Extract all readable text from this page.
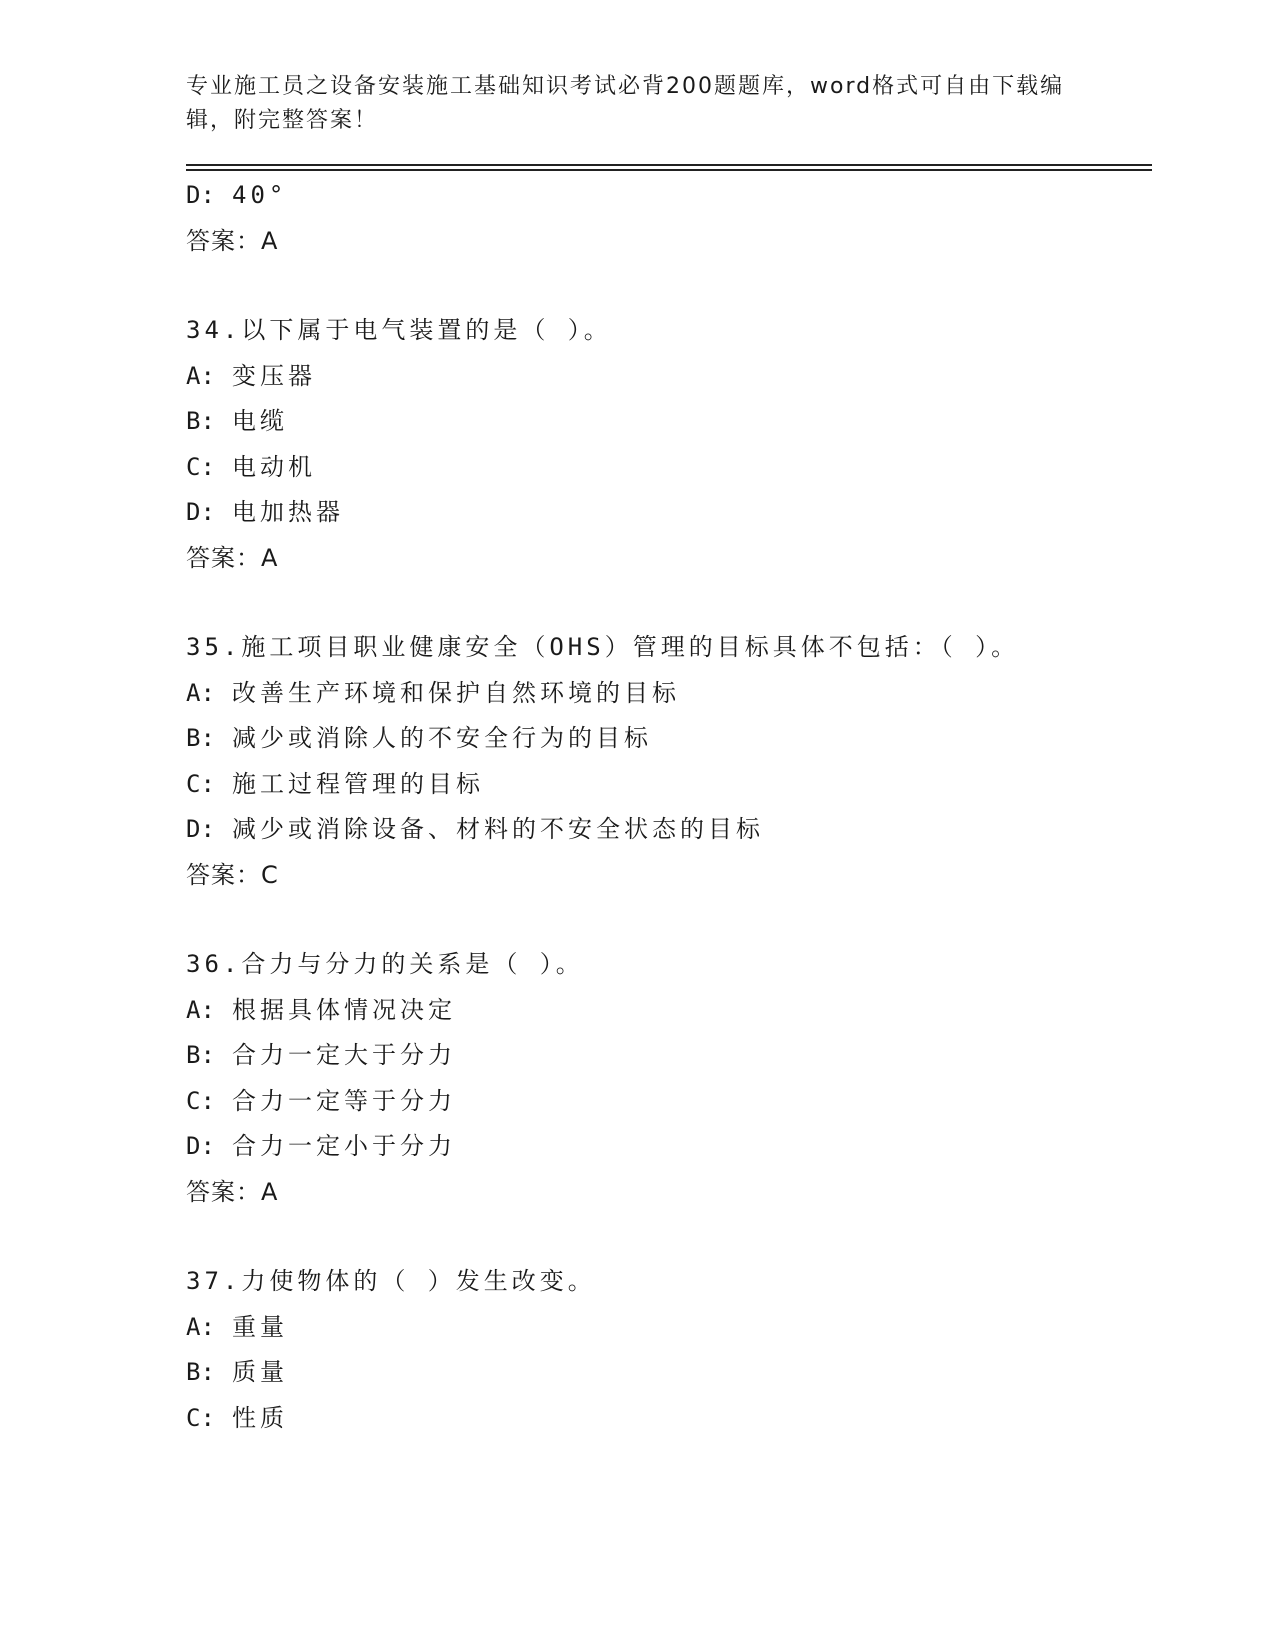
专业施工员之设备安装施工基础知识考试必背200题题库，word格式可自由下载编辑，附完整答案！
D: 40°
答案：A
34.以下属于电气装置的是（ ）。
A: 变压器
B: 电缆
C: 电动机
D: 电加热器
答案：A
35.施工项目职业健康安全（OHS）管理的目标具体不包括：（ ）。
A: 改善生产环境和保护自然环境的目标
B: 减少或消除人的不安全行为的目标
C: 施工过程管理的目标
D: 减少或消除设备、材料的不安全状态的目标
答案：C
36.合力与分力的关系是（ ）。
A: 根据具体情况决定
B: 合力一定大于分力
C: 合力一定等于分力
D: 合力一定小于分力
答案：A
37.力使物体的（ ）发生改变。
A: 重量
B: 质量
C: 性质
